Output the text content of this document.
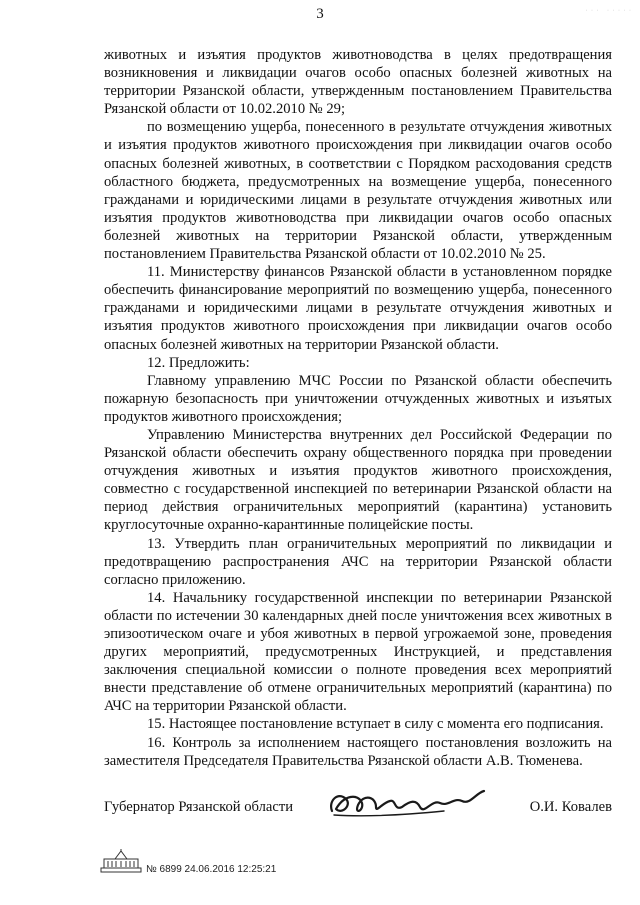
3	· · ·   · · · · ·

животных и изъятия продуктов животноводства в целях предотвращения возникновения и ликвидации очагов особо опасных болезней животных на территории Рязанской области, утвержденным постановлением Правительства Рязанской области от 10.02.2010 № 29;

по возмещению ущерба, понесенного в результате отчуждения животных и изъятия продуктов животного происхождения при ликвидации очагов особо опасных болезней животных, в соответствии с Порядком расходования средств областного бюджета, предусмотренных на возмещение ущерба, понесенного гражданами и юридическими лицами в результате отчуждения животных или изъятия продуктов животноводства при ликвидации очагов особо опасных болезней животных на территории Рязанской области, утвержденным постановлением Правительства Рязанской области от 10.02.2010 № 25.

11. Министерству финансов Рязанской области в установленном порядке обеспечить финансирование мероприятий по возмещению ущерба, понесенного гражданами и юридическими лицами в результате отчуждения животных и изъятия продуктов животного происхождения при ликвидации очагов особо опасных болезней животных на территории Рязанской области.

12. Предложить:

Главному управлению МЧС России по Рязанской области обеспечить пожарную безопасность при уничтожении отчужденных животных и изъятых продуктов животного происхождения;

Управлению Министерства внутренних дел Российской Федерации по Рязанской области обеспечить охрану общественного порядка при проведении отчуждения животных и изъятия продуктов животного происхождения, совместно с государственной инспекцией по ветеринарии Рязанской области на период действия ограничительных мероприятий (карантина) установить круглосуточные охранно-карантинные полицейские посты.

13. Утвердить план ограничительных мероприятий по ликвидации и предотвращению распространения АЧС на территории Рязанской области согласно приложению.

14. Начальнику государственной инспекции по ветеринарии Рязанской области по истечении 30 календарных дней после уничтожения всех животных в эпизоотическом очаге и убоя животных в первой угрожаемой зоне, проведения других мероприятий, предусмотренных Инструкцией, и представления заключения специальной комиссии о полноте проведения всех мероприятий внести представление об отмене ограничительных мероприятий (карантина) по АЧС на территории Рязанской области.

15. Настоящее постановление вступает в силу с момента его подписания.

16. Контроль за исполнением настоящего постановления возложить на заместителя Председателя Правительства Рязанской области А.В. Тюменева.

Губернатор Рязанской области	О.И. Ковалев
№ 6899 24.06.2016 12:25:21
